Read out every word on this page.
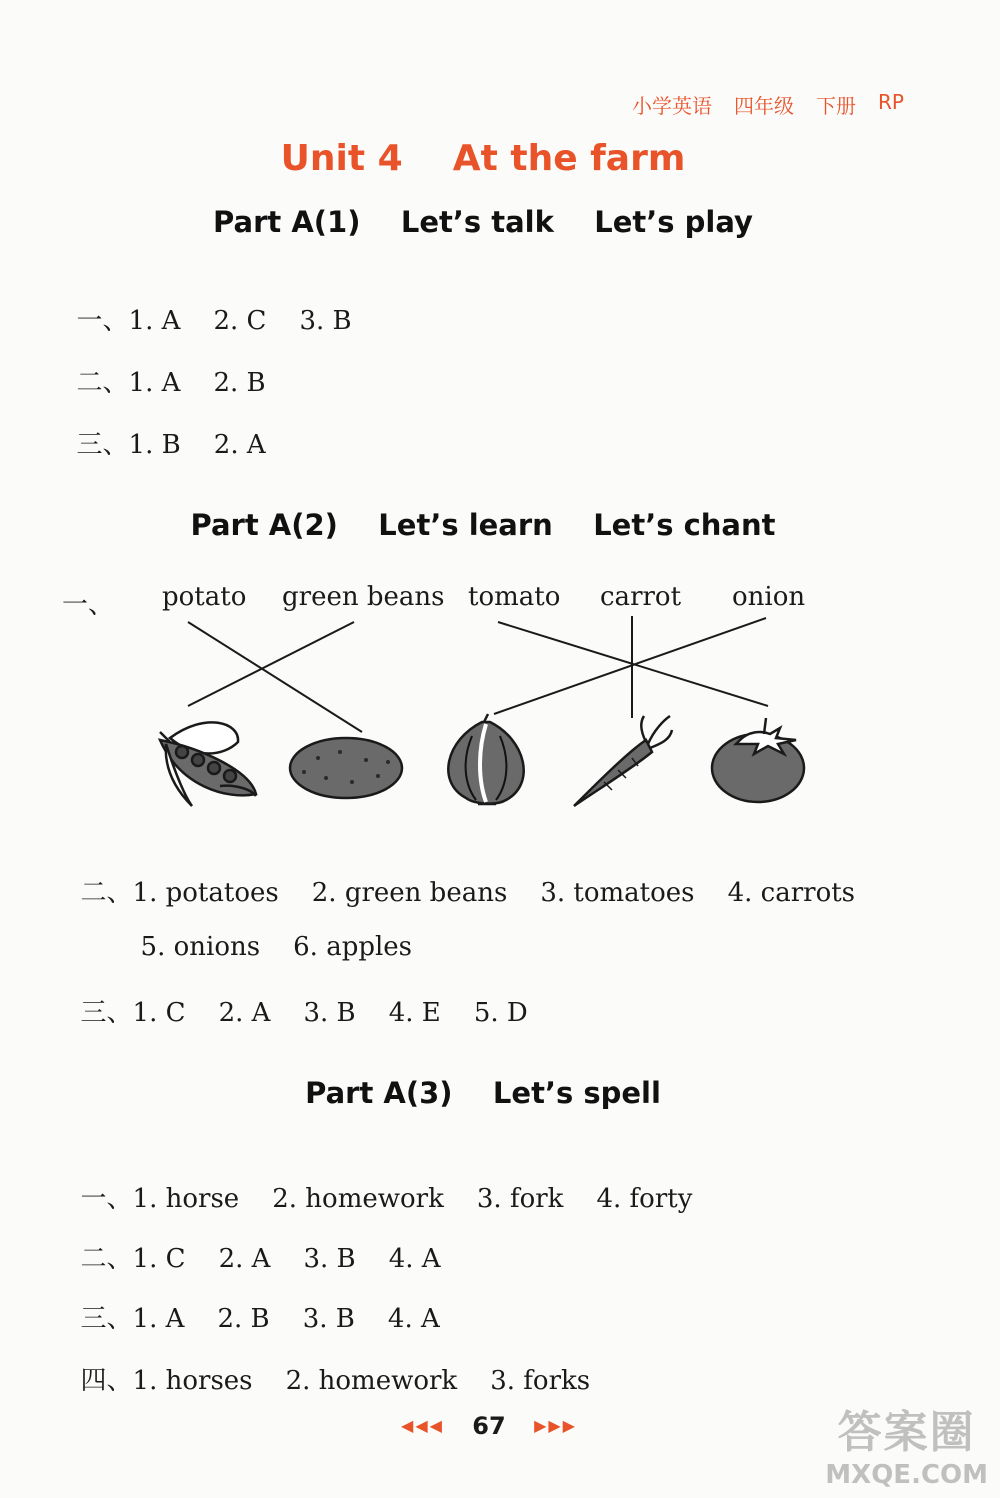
小学英语 四年级 下册 RP
Unit 4    At the farm
Part A(1)    Let’s talk    Let’s play

一、1. A    2. C    3. B

二、1. A    2. B

三、1. B    2. A

Part A(2)    Let’s learn    Let’s chant
一、 potato green beans tomato carrot onion

二、1. potatoes    2. green beans    3. tomatoes    4. carrots

5. onions    6. apples

三、1. C    2. A    3. B    4. E    5. D

Part A(3)    Let’s spell

一、1. horse    2. homework    3. fork    4. forty

二、1. C    2. A    3. B    4. A

三、1. A    2. B    3. B    4. A

四、1. horses    2. homework    3. forks

◀◀◀ 67 ▶▶▶	答案圈
MXQE.COM
